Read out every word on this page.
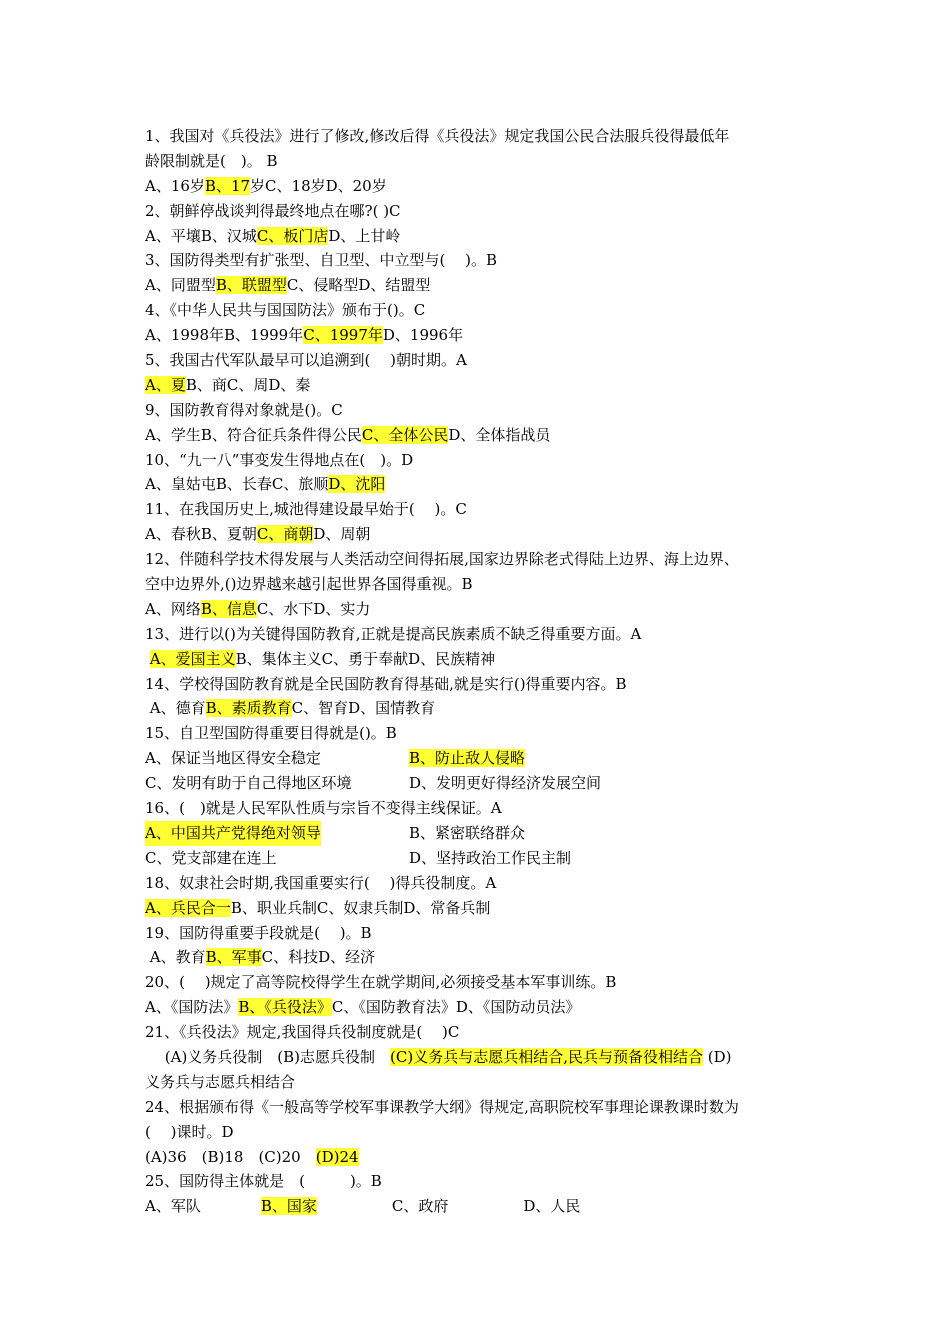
1、我国对《兵役法》进行了修改,修改后得《兵役法》规定我国公民合法服兵役得最低年
龄限制就是(　)。 B
A、16岁B、17岁C、18岁D、20岁
2、朝鲜停战谈判得最终地点在哪?( )C
A、平壤B、汉城C、板门店D、上甘岭
3、国防得类型有扩张型、自卫型、中立型与(　 )。B
A、同盟型B、联盟型C、侵略型D、结盟型
4、《中华人民共与国国防法》颁布于()。C
A、1998年B、1999年C、1997年D、1996年
5、我国古代军队最早可以追溯到(　 )朝时期。A
A、夏B、商C、周D、秦
9、国防教育得对象就是()。C
A、学生B、符合征兵条件得公民C、全体公民D、全体指战员
10、“九一八”事变发生得地点在(　)。D
A、皇姑屯B、长春C、旅顺D、沈阳
11、在我国历史上,城池得建设最早始于(　 )。C
A、春秋B、夏朝C、商朝D、周朝
12、伴随科学技术得发展与人类活动空间得拓展,国家边界除老式得陆上边界、海上边界、
空中边界外,()边界越来越引起世界各国得重视。B
A、网络B、信息C、水下D、实力
13、进行以()为关键得国防教育,正就是提高民族素质不缺乏得重要方面。A
A、爱国主义B、集体主义C、勇于奉献D、民族精神
14、学校得国防教育就是全民国防教育得基础,就是实行()得重要内容。B
A、德育B、素质教育C、智育D、国情教育
15、自卫型国防得重要目得就是()。B
A、保证当地区得安全稳定	B、防止敌人侵略
C、发明有助于自己得地区环境	D、发明更好得经济发展空间
16、(　)就是人民军队性质与宗旨不变得主线保证。A
A、中国共产党得绝对领导	B、紧密联络群众
C、党支部建在连上	D、坚持政治工作民主制
18、奴隶社会时期,我国重要实行(　 )得兵役制度。A
A、兵民合一B、职业兵制C、奴隶兵制D、常备兵制
19、国防得重要手段就是(　 )。B
A、教育B、军事C、科技D、经济
20、(　 )规定了高等院校得学生在就学期间,必须接受基本军事训练。B
A、《国防法》B、《兵役法》C、《国防教育法》D、《国防动员法》
21、《兵役法》规定,我国得兵役制度就是(　 )C
　 (A)义务兵役制　(B)志愿兵役制　(C)义务兵与志愿兵相结合,民兵与预备役相结合 (D)
义务兵与志愿兵相结合
24、根据颁布得《一般高等学校军事课教学大纲》得规定,高职院校军事理论课教课时数为
(　 )课时。D
(A)36　(B)18　(C)20　(D)24
25、国防得主体就是　(　　　)。B
A、军队　　　　B、国家　　　　　C、政府　　　　　D、人民
